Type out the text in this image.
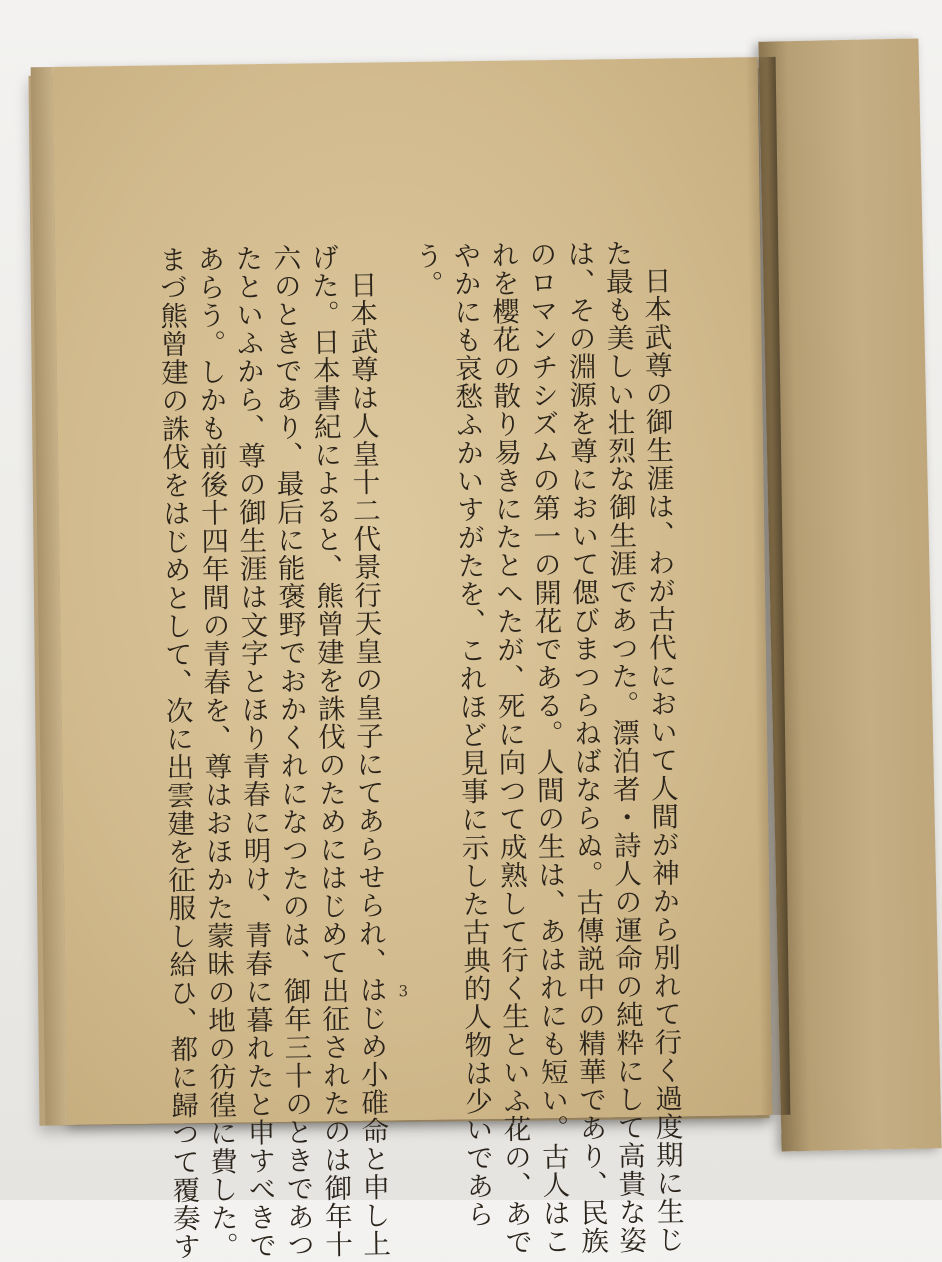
日本武尊の御生涯は、わが古代において人間が神から別れて行く過度期に生じ
た最も美しい壮烈な御生涯であつた。漂泊者・詩人の運命の純粋にして高貴な姿
は、その淵源を尊において偲びまつらねばならぬ。古傳説中の精華であり、民族
のロマンチシズムの第一の開花である。人間の生は、あはれにも短い。古人はこ
れを櫻花の散り易きにたとへたが、死に向つて成熟して行く生といふ花の、あで
やかにも哀愁ふかいすがたを、これほど見事に示した古典的人物は少いであら
う。
日本武尊は人皇十二代景行天皇の皇子にてあらせられ、はじめ小碓命と申し上
げた。日本書紀によると、熊曾建を誅伐のためにはじめて出征されたのは御年十
六のときであり、最后に能褒野でおかくれになつたのは、御年三十のときであつ
たといふから、尊の御生涯は文字とほり青春に明け、青春に暮れたと申すべきで
あらう。しかも前後十四年間の青春を、尊はおほかた蒙昧の地の彷徨に費した。
まづ熊曾建の誅伐をはじめとして、次に出雲建を征服し給ひ、都に歸つて覆奏す	3
